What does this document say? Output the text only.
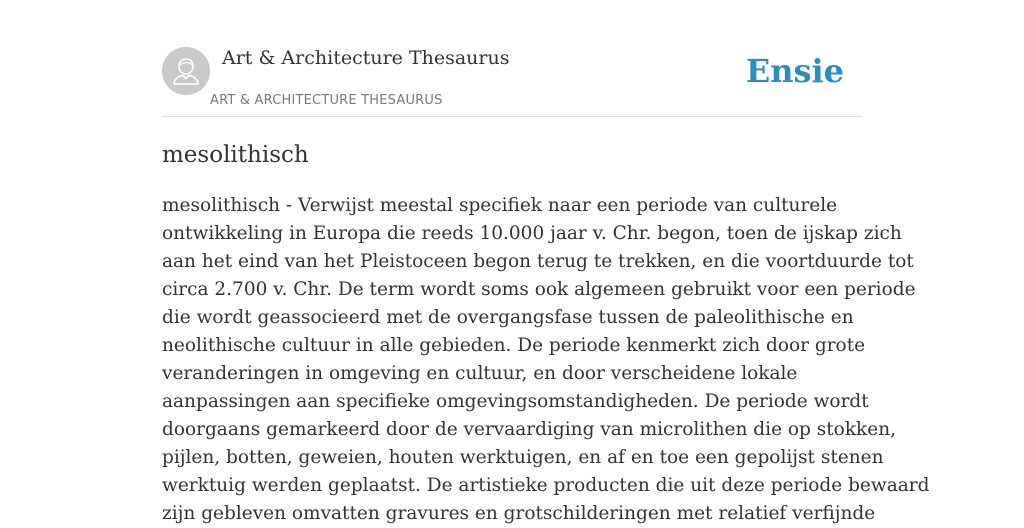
Art & Architecture Thesaurus
ART & ARCHITECTURE THESAURUS
Ensie
mesolithisch
mesolithisch - Verwijst meestal specifiek naar een periode van culturele
ontwikkeling in Europa die reeds 10.000 jaar v. Chr. begon, toen de ijskap zich
aan het eind van het Pleistoceen begon terug te trekken, en die voortduurde tot
circa 2.700 v. Chr. De term wordt soms ook algemeen gebruikt voor een periode
die wordt geassocieerd met de overgangsfase tussen de paleolithische en
neolithische cultuur in alle gebieden. De periode kenmerkt zich door grote
veranderingen in omgeving en cultuur, en door verscheidene lokale
aanpassingen aan specifieke omgevingsomstandigheden. De periode wordt
doorgaans gemarkeerd door de vervaardiging van microlithen die op stokken,
pijlen, botten, geweien, houten werktuigen, en af en toe een gepolijst stenen
werktuig werden geplaatst. De artistieke producten die uit deze periode bewaard
zijn gebleven omvatten gravures en grotschilderingen met relatief verfijnde
